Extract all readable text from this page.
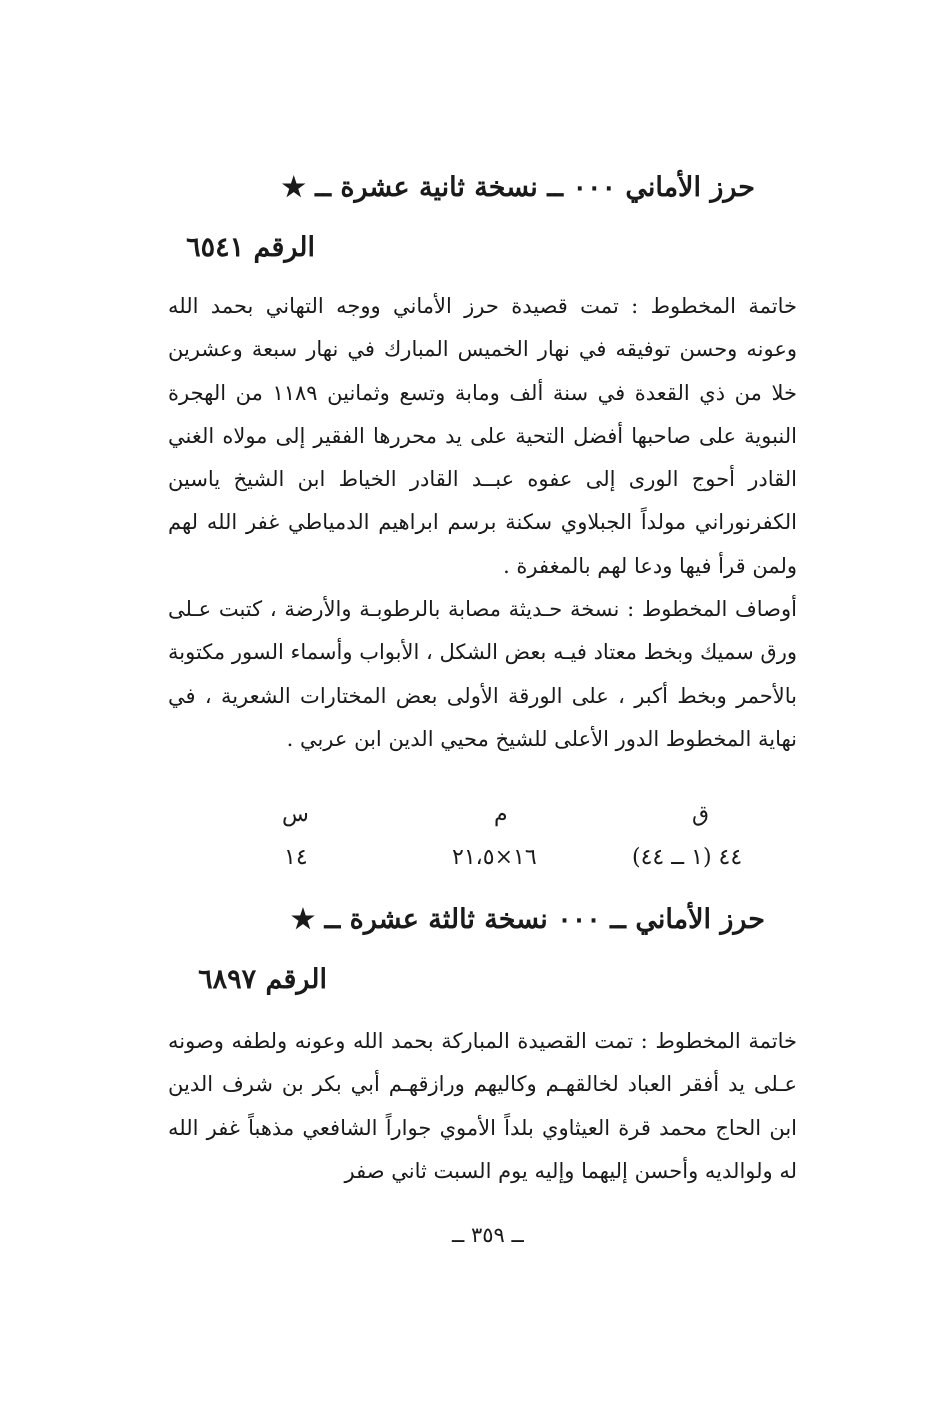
حرز الأماني ٠٠٠ ــ نسخة ثانية عشرة ــ ★
الرقم ٦٥٤١

خاتمة المخطوط : تمت قصيدة حرز الأماني ووجه التهاني بحمد الله وعونه وحسن توفيقه في نهار الخميس المبارك في نهار سبعة وعشرين خلا من ذي القعدة في سنة ألف ومابة وتسع وثمانين ١١٨٩ من الهجرة النبوية على صاحبها أفضل التحية على يد محررها الفقير إلى مولاه الغني القادر أحوج الورى إلى عفوه عبــد القادر الخياط ابن الشيخ ياسين الكفرنوراني مولداً الجبلاوي سكنة برسم ابراهيم الدمياطي غفر الله لهم ولمن قرأ فيها ودعا لهم بالمغفرة .

أوصاف المخطوط : نسخة حـديثة مصابة بالرطوبـة والأرضة ، كتبت عـلى ورق سميك وبخط معتاد فيـه بعض الشكل ، الأبواب وأسماء السور مكتوبة بالأحمر وبخط أكبر ، على الورقة الأولى بعض المختارات الشعرية ، في نهاية المخطوط الدور الأعلى للشيخ محيي الدين ابن عربي .

ق
٤٤ (١ ــ ٤٤)
م
١٦×٢١،٥
س
١٤
حرز الأماني ــ ٠٠٠ نسخة ثالثة عشرة ــ ★
الرقم ٦٨٩٧

خاتمة المخطوط : تمت القصيدة المباركة بحمد الله وعونه ولطفه وصونه عـلى يد أفقر العباد لخالقهـم وكاليهم ورازقهـم أبي بكر بن شرف الدين ابن الحاج محمد قرة العيثاوي بلداً الأموي جواراً الشافعي مذهباً غفر الله له ولوالديه وأحسن إليهما وإليه يوم السبت ثاني صفر

ــ ٣٥٩ ــ
